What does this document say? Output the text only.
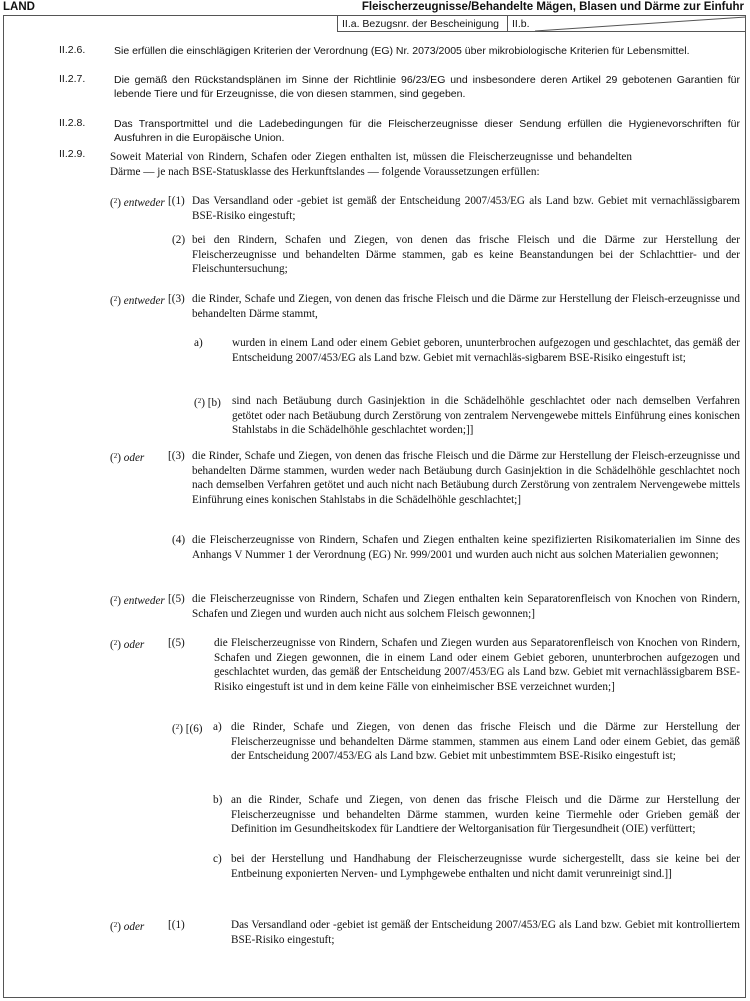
LAND	Fleischerzeugnisse/Behandelte Mägen, Blasen und Därme zur Einfuhr
II.a. Bezugsnr. der Bescheinigung	II.b.
II.2.6.	Sie erfüllen die einschlägigen Kriterien der Verordnung (EG) Nr. 2073/2005 über mikrobiologische Kriterien für Lebensmittel.
II.2.7.	Die gemäß den Rückstandsplänen im Sinne der Richtlinie 96/23/EG und insbesondere deren Artikel 29 gebotenen Garantien für lebende Tiere und für Erzeugnisse, die von diesen stammen, sind gegeben.
II.2.8.	Das Transportmittel und die Ladebedingungen für die Fleischerzeugnisse dieser Sendung erfüllen die Hygienevorschriften für Ausfuhren in die Europäische Union.
II.2.9. Soweit Material von Rindern, Schafen oder Ziegen enthalten ist, müssen die Fleischerzeugnisse und behandelten Därme — je nach BSE-Statusklasse des Herkunftslandes — folgende Voraussetzungen erfüllen:
($^2$) entweder [(1) Das Versandland oder -gebiet ist gemäß der Entscheidung 2007/453/EG als Land bzw. Gebiet mit vernachlässigbarem BSE-Risiko eingestuft;
(2) bei den Rindern, Schafen und Ziegen, von denen das frische Fleisch und die Därme zur Herstellung der Fleischerzeugnisse und behandelten Därme stammen, gab es keine Beanstandungen bei der Schlachttier- und der Fleischuntersuchung;
($^2$) entweder [(3) die Rinder, Schafe und Ziegen, von denen das frische Fleisch und die Därme zur Herstellung der Fleisch-erzeugnisse und behandelten Därme stammt,
a)	wurden in einem Land oder einem Gebiet geboren, ununterbrochen aufgezogen und geschlachtet, das gemäß der Entscheidung 2007/453/EG als Land bzw. Gebiet mit vernachläs-sigbarem BSE-Risiko eingestuft ist;
($^2$) [b) sind nach Betäubung durch Gasinjektion in die Schädelhöhle geschlachtet oder nach demselben Verfahren getötet oder nach Betäubung durch Zerstörung von zentralem Nervengewebe mittels Einführung eines konischen Stahlstabs in die Schädelhöhle geschlachtet worden;]]
($^2$) oder [(3) die Rinder, Schafe und Ziegen, von denen das frische Fleisch und die Därme zur Herstellung der Fleisch-erzeugnisse und behandelten Därme stammen, wurden weder nach Betäubung durch Gasinjektion in die Schädelhöhle geschlachtet noch nach demselben Verfahren getötet und auch nicht nach Betäubung durch Zerstörung von zentralem Nervengewebe mittels Einführung eines konischen Stahlstabs in die Schädelhöhle geschlachtet;]
(4) die Fleischerzeugnisse von Rindern, Schafen und Ziegen enthalten keine spezifizierten Risikomaterialien im Sinne des Anhangs V Nummer 1 der Verordnung (EG) Nr. 999/2001 und wurden auch nicht aus solchen Materialien gewonnen;
($^2$) entweder [(5) die Fleischerzeugnisse von Rindern, Schafen und Ziegen enthalten kein Separatorenfleisch von Knochen von Rindern, Schafen und Ziegen und wurden auch nicht aus solchem Fleisch gewonnen;]
($^2$) oder [(5)	die Fleischerzeugnisse von Rindern, Schafen und Ziegen wurden aus Separatorenfleisch von Knochen von Rindern, Schafen und Ziegen gewonnen, die in einem Land oder einem Gebiet geboren, ununterbrochen aufgezogen und geschlachtet wurden, das gemäß der Entscheidung 2007/453/EG als Land bzw. Gebiet mit vernachlässigbarem BSE-Risiko eingestuft ist und in dem keine Fälle von einheimischer BSE verzeichnet wurden;]
($^2$) [(6) a) die Rinder, Schafe und Ziegen, von denen das frische Fleisch und die Därme zur Herstellung der Fleischerzeugnisse und behandelten Därme stammen, stammen aus einem Land oder einem Gebiet, das gemäß der Entscheidung 2007/453/EG als Land bzw. Gebiet mit unbestimmtem BSE-Risiko eingestuft ist;
b) an die Rinder, Schafe und Ziegen, von denen das frische Fleisch und die Därme zur Herstellung der Fleischerzeugnisse und behandelten Därme stammen, wurden keine Tiermehle oder Grieben gemäß der Definition im Gesundheitskodex für Landtiere der Weltorganisation für Tiergesundheit (OIE) verfüttert;
c) bei der Herstellung und Handhabung der Fleischerzeugnisse wurde sichergestellt, dass sie keine bei der Entbeinung exponierten Nerven- und Lymphgewebe enthalten und nicht damit verunreinigt sind.]]
($^2$) oder [(1)	Das Versandland oder -gebiet ist gemäß der Entscheidung 2007/453/EG als Land bzw. Gebiet mit kontrolliertem BSE-Risiko eingestuft;
